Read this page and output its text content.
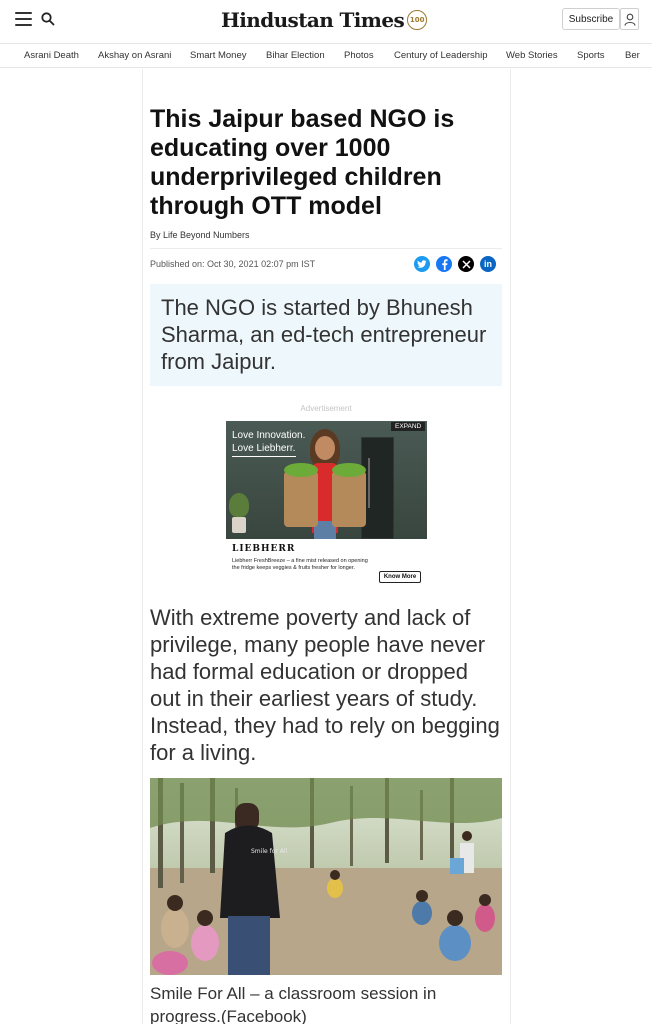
Hindustan Times 100	Subscribe
Asrani Death Akshay on Asrani Smart Money Bihar Election Photos Century of Leadership Web Stories Sports Ber
This Jaipur based NGO is educating over 1000 underprivileged children through OTT model
By Life Beyond Numbers
Published on: Oct 30, 2021 02:07 pm IST	in

The NGO is started by Bhunesh Sharma, an ed-tech entrepreneur from Jaipur.

Advertisement
Love Innovation.
Love Liebherr.
EXPAND
LIEBHERR
Liebherr FreshBreeze – a fine mist released on opening the fridge keeps veggies & fruits fresher for longer.
Know More

With extreme poverty and lack of privilege, many people have never had formal education or dropped out in their earliest years of study. Instead, they had to rely on begging for a living.

Smile for All

Smile For All – a classroom session in progress.(Facebook)
